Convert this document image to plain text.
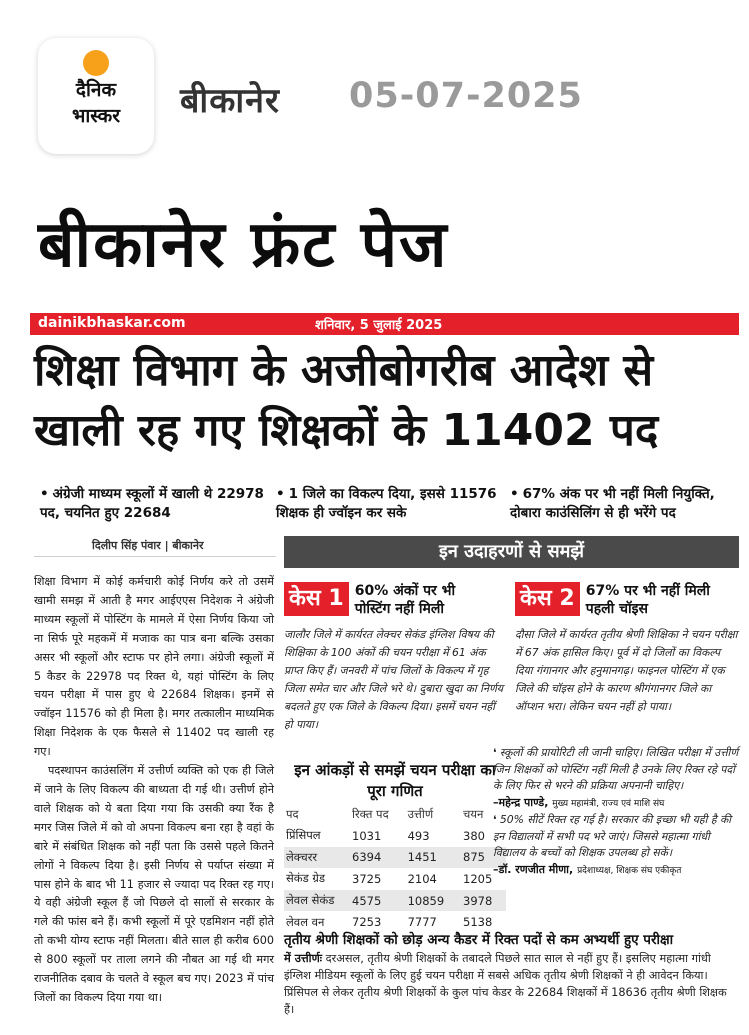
दैनिक
भास्कर	बीकानेर 05-07-2025
बीकानेर फ्रंट पेज
dainikbhaskar.com	शनिवार, 5 जुलाई 2025
शिक्षा विभाग के अजीबोगरीब आदेश से
खाली रह गए शिक्षकों के 11402 पद
• अंग्रेजी माध्यम स्कूलों में खाली थे 22978 पद, चयनित हुए 22684
• 1 जिले का विकल्प दिया, इससे 11576 शिक्षक ही ज्वॉइन कर सके
• 67% अंक पर भी नहीं मिली नियुक्ति, दोबारा काउंसिलिंग से ही भरेंगे पद
दिलीप सिंह पंवार | बीकानेर	इन उदाहरणों से समझें

शिक्षा विभाग में कोई कर्मचारी कोई निर्णय करे तो उसमें खामी समझ में आती है मगर आईएएस निदेशक ने अंग्रेजी माध्यम स्कूलों में पोस्टिंग के मामले में ऐसा निर्णय किया जो ना सिर्फ पूरे महकमें में मजाक का पात्र बना बल्कि उसका असर भी स्कूलों और स्टाफ पर होने लगा। अंग्रेजी स्कूलों में 5 कैडर के 22978 पद रिक्त थे, यहां पोस्टिंग के लिए चयन परीक्षा में पास हुए थे 22684 शिक्षक। इनमें से ज्वॉइन 11576 को ही मिला है। मगर तत्कालीन माध्यमिक शिक्षा निदेशक के एक फैसले से 11402 पद खाली रह गए।

पदस्थापन काउंसलिंग में उत्तीर्ण व्यक्ति को एक ही जिले में जाने के लिए विकल्प की बाध्यता दी गई थी। उत्तीर्ण होने वाले शिक्षक को ये बता दिया गया कि उसकी क्या रैंक है मगर जिस जिले में को वो अपना विकल्प बना रहा है वहां के बारे में संबंधित शिक्षक को नहीं पता कि उससे पहले कितने लोगों ने विकल्प दिया है। इसी निर्णय से पर्याप्त संख्या में पास होने के बाद भी 11 हजार से ज्यादा पद रिक्त रह गए। ये वही अंग्रेजी स्कूल हैं जो पिछले दो सालों से सरकार के गले की फांस बने हैं। कभी स्कूलों में पूरे एडमिशन नहीं होते तो कभी योग्य स्टाफ नहीं मिलता। बीते साल ही करीब 600 से 800 स्कूलों पर ताला लगने की नौबत आ गई थी मगर राजनीतिक दबाव के चलते वे स्कूल बच गए। 2023 में पांच जिलों का विकल्प दिया गया था।

केस 1 60% अंकों पर भी पोस्टिंग नहीं मिली
जालौर जिले में कार्यरत लेक्चर सेकंड इंग्लिश विषय की शिक्षिका के 100 अंकों की चयन परीक्षा में 61 अंक प्राप्त किए हैं। जनवरी में पांच जिलों के विकल्प में गृह जिला समेत चार और जिले भरे थे। दुबारा खुदा का निर्णय बदलते हुए एक जिले के विकल्प दिया। इसमें चयन नहीं हो पाया।
केस 2 67% पर भी नहीं मिली पहली चॉइस
दौसा जिले में कार्यरत तृतीय श्रेणी शिक्षिका ने चयन परीक्षा में 67 अंक हासिल किए। पूर्व में दो जिलों का विकल्प दिया गंगानगर और हनुमानगढ़। फाइनल पोस्टिंग में एक जिले की चॉइस होने के कारण श्रीगंगानगर जिले का ऑप्शन भरा। लेकिन चयन नहीं हो पाया।
इन आंकड़ों से समझें चयन परीक्षा का पूरा गणित
पद	रिक्त पद	उत्तीर्ण	चयन
प्रिंसिपल	1031	493	380
लेक्चरर	6394	1451	875
सेकंड ग्रेड	3725	2104	1205
लेवल सेकंड	4575	10859	3978
लेवल वन	7253	7777	5138

❛ स्कूलों की प्रायोरिटी ली जानी चाहिए। लिखित परीक्षा में उत्तीर्ण जिन शिक्षकों को पोस्टिंग नहीं मिली है उनके लिए रिक्त रहे पदों के लिए फिर से भरने की प्रक्रिया अपनानी चाहिए।

–महेन्द्र पाण्डे, मुख्य महामंत्री, राज्य एवं माशि संघ

❛ 50% सीटें रिक्त रह गई है। सरकार की इच्छा भी यही है की इन विद्यालयों में सभी पद भरे जाएं। जिससे महात्मा गांधी विद्यालय के बच्चों को शिक्षक उपलब्ध हो सकें।

–डॉ. रणजीत मीणा, प्रदेशाध्यक्ष, शिक्षक संघ एकीकृत

तृतीय श्रेणी शिक्षकों को छोड़ अन्य कैडर में रिक्त पदों से कम अभ्यर्थी हुए परीक्षा
में उत्तीर्णः दरअसल, तृतीय श्रेणी शिक्षकों के तबादले पिछले सात साल से नहीं हुए हैं। इसलिए महात्मा गांधी इंग्लिश मीडियम स्कूलों के लिए हुई चयन परीक्षा में सबसे अधिक तृतीय श्रेणी शिक्षकों ने ही आवेदन किया। प्रिंसिपल से लेकर तृतीय श्रेणी शिक्षकों के कुल पांच केडर के 22684 शिक्षकों में 18636 तृतीय श्रेणी शिक्षक हैं।
